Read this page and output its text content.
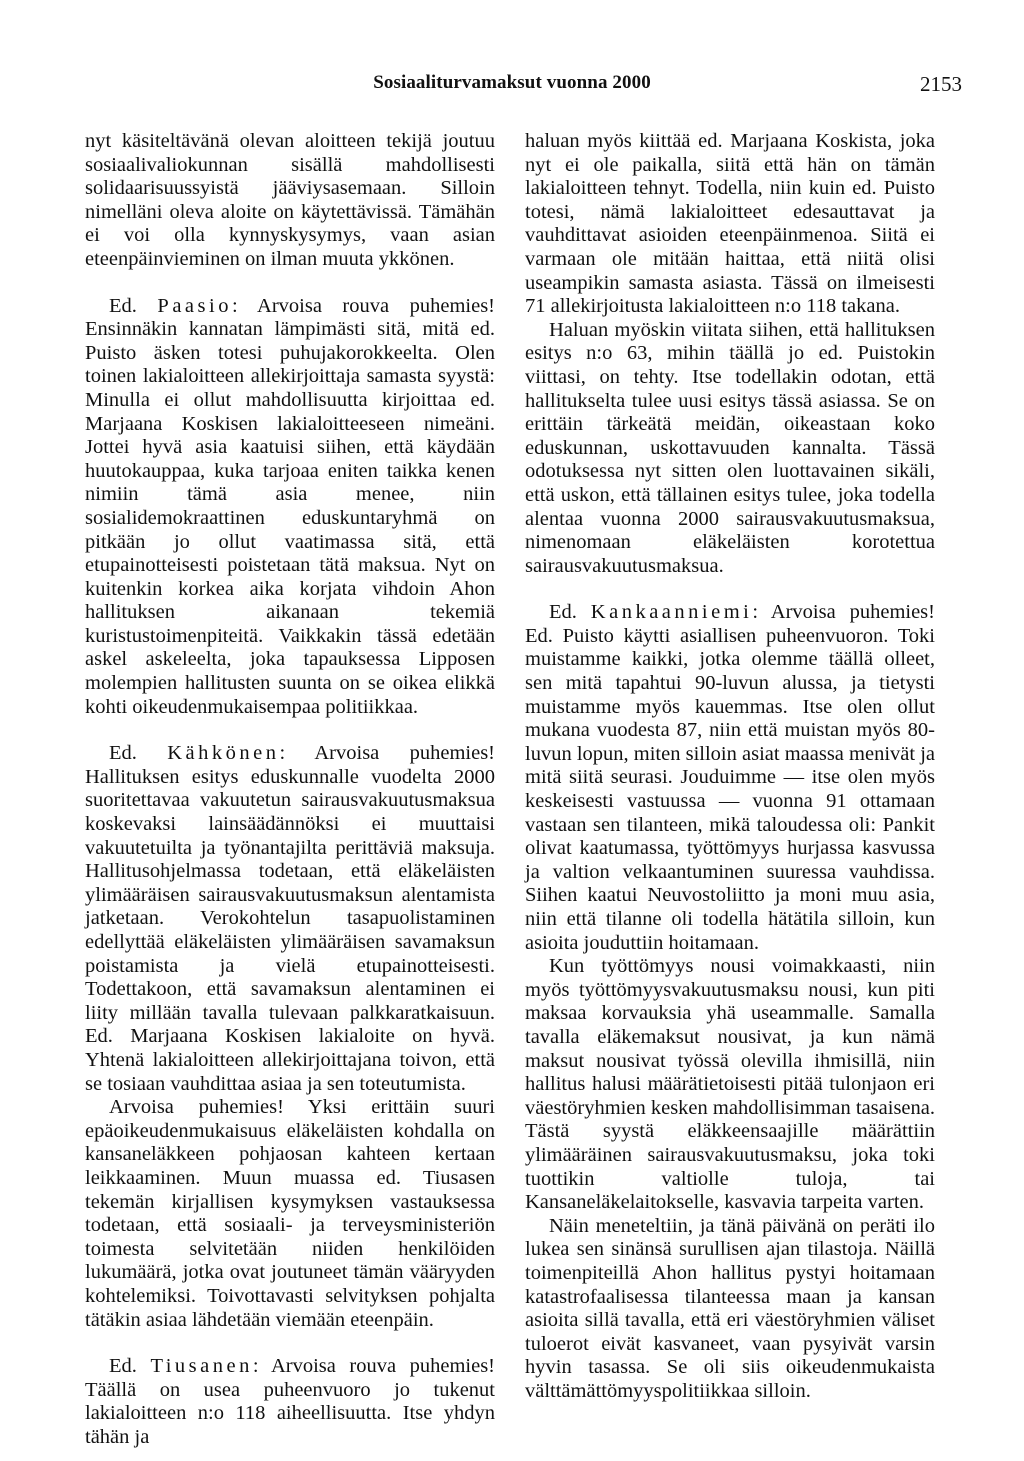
Sosiaaliturvamaksut vuonna 2000	2153

nyt käsiteltävänä olevan aloitteen tekijä joutuu sosiaalivaliokunnan sisällä mahdollisesti solidaarisuussyistä jääviysasemaan. Silloin nimelläni oleva aloite on käytettävissä. Tämähän ei voi olla kynnyskysymys, vaan asian eteenpäinvieminen on ilman muuta ykkönen.

Ed. Paasio: Arvoisa rouva puhemies! Ensinnäkin kannatan lämpimästi sitä, mitä ed. Puisto äsken totesi puhujakorokkeelta. Olen toinen lakialoitteen allekirjoittaja samasta syystä: Minulla ei ollut mahdollisuutta kirjoittaa ed. Marjaana Koskisen lakialoitteeseen nimeäni. Jottei hyvä asia kaatuisi siihen, että käydään huutokauppaa, kuka tarjoaa eniten taikka kenen nimiin tämä asia menee, niin sosialidemokraattinen eduskuntaryhmä on pitkään jo ollut vaatimassa sitä, että etupainotteisesti poistetaan tätä maksua. Nyt on kuitenkin korkea aika korjata vihdoin Ahon hallituksen aikanaan tekemiä kuristustoimenpiteitä. Vaikkakin tässä edetään askel askeleelta, joka tapauksessa Lipposen molempien hallitusten suunta on se oikea elikkä kohti oikeudenmukaisempaa politiikkaa.

Ed. Kähkönen: Arvoisa puhemies! Hallituksen esitys eduskunnalle vuodelta 2000 suoritettavaa vakuutetun sairausvakuutusmaksua koskevaksi lainsäädännöksi ei muuttaisi vakuutetuilta ja työnantajilta perittäviä maksuja. Hallitusohjelmassa todetaan, että eläkeläisten ylimääräisen sairausvakuutusmaksun alentamista jatketaan. Verokohtelun tasapuolistaminen edellyttää eläkeläisten ylimääräisen savamaksun poistamista ja vielä etupainotteisesti. Todettakoon, että savamaksun alentaminen ei liity millään tavalla tulevaan palkkaratkaisuun. Ed. Marjaana Koskisen lakialoite on hyvä. Yhtenä lakialoitteen allekirjoittajana toivon, että se tosiaan vauhdittaa asiaa ja sen toteutumista.

Arvoisa puhemies! Yksi erittäin suuri epäoikeudenmukaisuus eläkeläisten kohdalla on kansaneläkkeen pohjaosan kahteen kertaan leikkaaminen. Muun muassa ed. Tiusasen tekemän kirjallisen kysymyksen vastauksessa todetaan, että sosiaali- ja terveysministeriön toimesta selvitetään niiden henkilöiden lukumäärä, jotka ovat joutuneet tämän vääryyden kohtelemiksi. Toivottavasti selvityksen pohjalta tätäkin asiaa lähdetään viemään eteenpäin.

Ed. Tiusanen: Arvoisa rouva puhemies! Täällä on usea puheenvuoro jo tukenut lakialoitteen n:o 118 aiheellisuutta. Itse yhdyn tähän ja

haluan myös kiittää ed. Marjaana Koskista, joka nyt ei ole paikalla, siitä että hän on tämän lakialoitteen tehnyt. Todella, niin kuin ed. Puisto totesi, nämä lakialoitteet edesauttavat ja vauhdittavat asioiden eteenpäinmenoa. Siitä ei varmaan ole mitään haittaa, että niitä olisi useampikin samasta asiasta. Tässä on ilmeisesti 71 allekirjoitusta lakialoitteen n:o 118 takana.

Haluan myöskin viitata siihen, että hallituksen esitys n:o 63, mihin täällä jo ed. Puistokin viittasi, on tehty. Itse todellakin odotan, että hallitukselta tulee uusi esitys tässä asiassa. Se on erittäin tärkeätä meidän, oikeastaan koko eduskunnan, uskottavuuden kannalta. Tässä odotuksessa nyt sitten olen luottavainen sikäli, että uskon, että tällainen esitys tulee, joka todella alentaa vuonna 2000 sairausvakuutusmaksua, nimenomaan eläkeläisten korotettua sairausvakuutusmaksua.

Ed. Kankaanniemi: Arvoisa puhemies! Ed. Puisto käytti asiallisen puheenvuoron. Toki muistamme kaikki, jotka olemme täällä olleet, sen mitä tapahtui 90-luvun alussa, ja tietysti muistamme myös kauemmas. Itse olen ollut mukana vuodesta 87, niin että muistan myös 80-luvun lopun, miten silloin asiat maassa menivät ja mitä siitä seurasi. Jouduimme — itse olen myös keskeisesti vastuussa — vuonna 91 ottamaan vastaan sen tilanteen, mikä taloudessa oli: Pankit olivat kaatumassa, työttömyys hurjassa kasvussa ja valtion velkaantuminen suuressa vauhdissa. Siihen kaatui Neuvostoliitto ja moni muu asia, niin että tilanne oli todella hätätila silloin, kun asioita jouduttiin hoitamaan.

Kun työttömyys nousi voimakkaasti, niin myös työttömyysvakuutusmaksu nousi, kun piti maksaa korvauksia yhä useammalle. Samalla tavalla eläkemaksut nousivat, ja kun nämä maksut nousivat työssä olevilla ihmisillä, niin hallitus halusi määrätietoisesti pitää tulonjaon eri väestöryhmien kesken mahdollisimman tasaisena. Tästä syystä eläkkeensaajille määrättiin ylimääräinen sairausvakuutusmaksu, joka toki tuottikin valtiolle tuloja, tai Kansaneläkelaitokselle, kasvavia tarpeita varten.

Näin meneteltiin, ja tänä päivänä on peräti ilo lukea sen sinänsä surullisen ajan tilastoja. Näillä toimenpiteillä Ahon hallitus pystyi hoitamaan katastrofaalisessa tilanteessa maan ja kansan asioita sillä tavalla, että eri väestöryhmien väliset tuloerot eivät kasvaneet, vaan pysyivät varsin hyvin tasassa. Se oli siis oikeudenmukaista välttämättömyyspolitiikkaa silloin.
